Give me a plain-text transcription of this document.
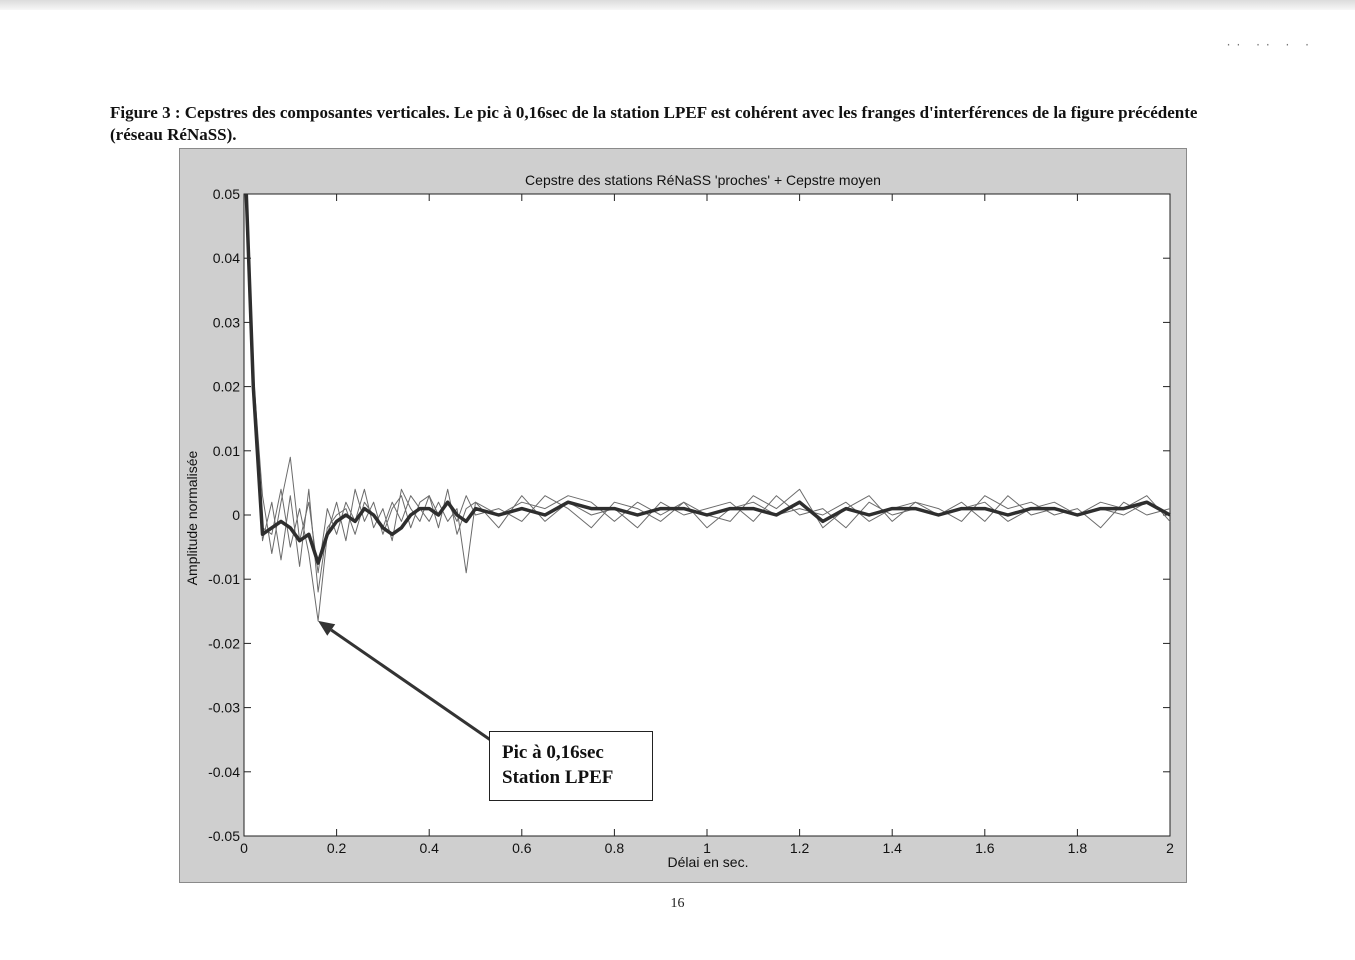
·· ·· · ·
Figure 3 : Cepstres des composantes verticales. Le pic à 0,16sec de la station LPEF est cohérent avec les franges d'interférences de la figure précédente (réseau RéNaSS).
Cepstre des stations RéNaSS 'proches' + Cepstre moyen
Délai en sec.
Amplitude normalisée
0	0.2	0.4	0.6	0.8	1	1.2	1.4	1.6	1.8	2
0.05
0.04
0.03
0.02
0.01
0
-0.01
-0.02
-0.03
-0.04
-0.05
Pic à 0,16sec
Station LPEF
16
